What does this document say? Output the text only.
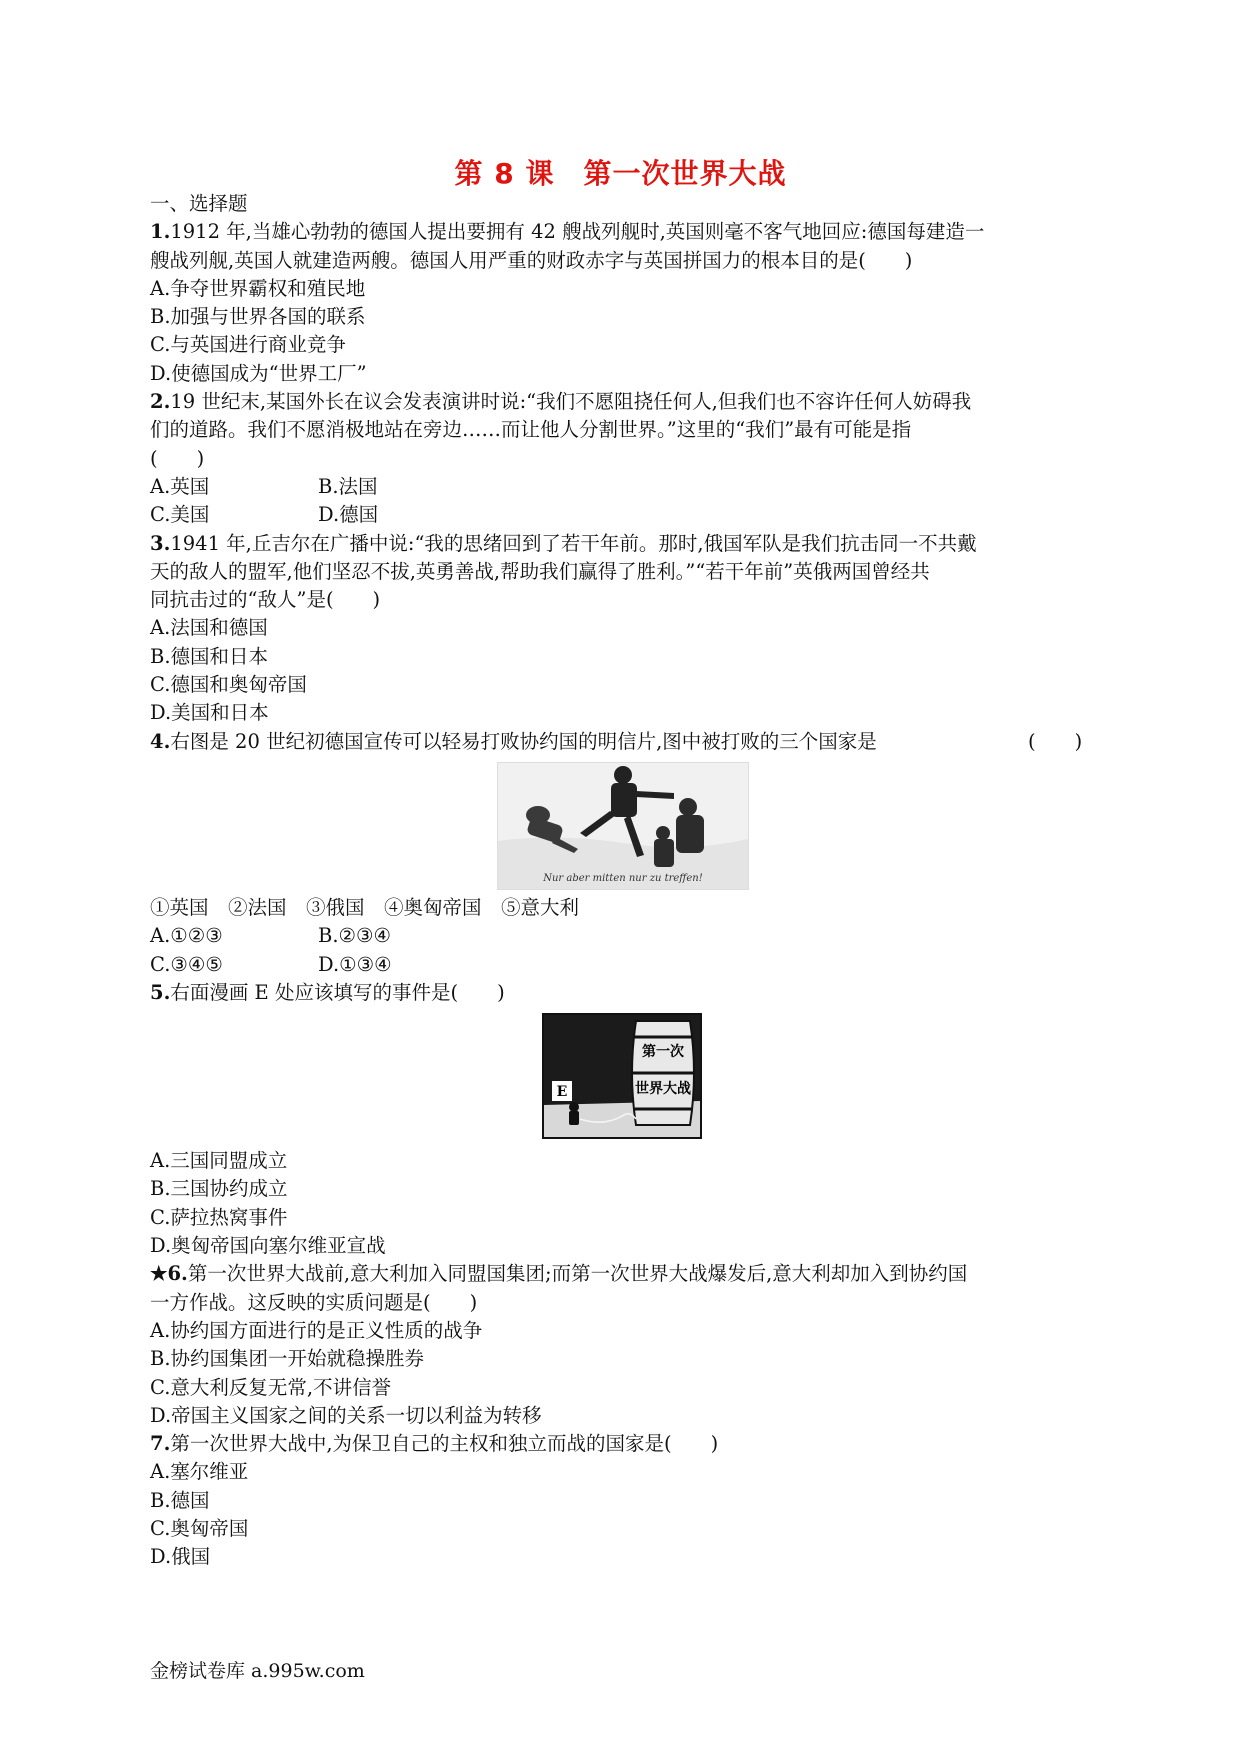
第 8 课　第一次世界大战
一、选择题
1.1912 年,当雄心勃勃的德国人提出要拥有 42 艘战列舰时,英国则毫不客气地回应:德国每建造一
艘战列舰,英国人就建造两艘。德国人用严重的财政赤字与英国拼国力的根本目的是(　　)
A.争夺世界霸权和殖民地
B.加强与世界各国的联系
C.与英国进行商业竞争
D.使德国成为“世界工厂”
2.19 世纪末,某国外长在议会发表演讲时说:“我们不愿阻挠任何人,但我们也不容许任何人妨碍我
们的道路。我们不愿消极地站在旁边……而让他人分割世界。”这里的“我们”最有可能是指
(　　)
A.英国	B.法国
C.美国	D.德国
3.1941 年,丘吉尔在广播中说:“我的思绪回到了若干年前。那时,俄国军队是我们抗击同一不共戴
天的敌人的盟军,他们坚忍不拔,英勇善战,帮助我们赢得了胜利。”“若干年前”英俄两国曾经共
同抗击过的“敌人”是(　　)
A.法国和德国
B.德国和日本
C.德国和奥匈帝国
D.美国和日本
4.右图是 20 世纪初德国宣传可以轻易打败协约国的明信片,图中被打败的三个国家是	(　　)
Nur aber mitten nur zu treffen!
①英国　②法国　③俄国　④奥匈帝国　⑤意大利
A.①②③	B.②③④
C.③④⑤	D.①③④
5.右面漫画 E 处应该填写的事件是(　　)
第一次
世界大战
E
A.三国同盟成立
B.三国协约成立
C.萨拉热窝事件
D.奥匈帝国向塞尔维亚宣战
★6.第一次世界大战前,意大利加入同盟国集团;而第一次世界大战爆发后,意大利却加入到协约国
一方作战。这反映的实质问题是(　　)
A.协约国方面进行的是正义性质的战争
B.协约国集团一开始就稳操胜券
C.意大利反复无常,不讲信誉
D.帝国主义国家之间的关系一切以利益为转移
7.第一次世界大战中,为保卫自己的主权和独立而战的国家是(　　)
A.塞尔维亚
B.德国
C.奥匈帝国
D.俄国
金榜试卷库 a.995w.com
